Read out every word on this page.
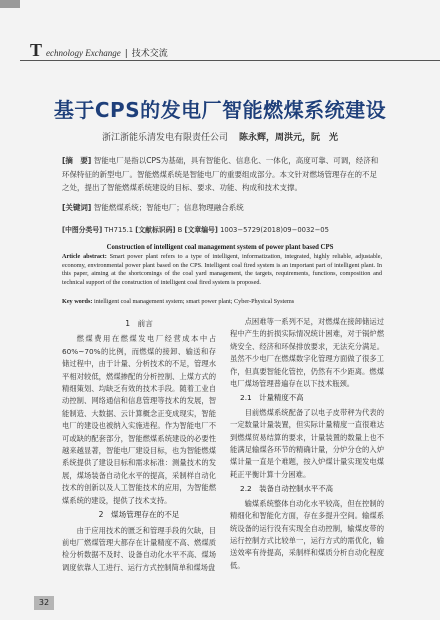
T echnology Exchange | 技术交流
基于CPS的发电厂智能燃煤系统建设
浙江浙能乐清发电有限责任公司 陈永辉，周洪元，阮　光
[摘　要] 智能电厂是指以CPS为基础，具有智能化、信息化、一体化，高度可靠、可调，经济和环保特征的新型电厂。智能燃煤系统是智能电厂的重要组成部分。本文针对燃场管理存在的不足之处，提出了智能燃煤系统建设的目标、要求、功能、构成和技术支撑。
[关键词] 智能燃煤系统；智能电厂；信息物理融合系统
[中图分类号] TH715.1 [文献标识码] B [文章编号] 1003−5729(2018)09−0032−05
Construction of intelligent coal management system of power plant based CPS
Article abstract: Smart power plant refers to a type of intelligent, informatization, integrated, highly reliable, adjustable, economy, environmental power plant based on the CPS. Intelligent coal fired system is an important part of intelligent plant. In this paper, aiming at the shortcomings of the coal yard management, the targets, requirements, functions, composition and technical support of the construction of intelligent coal fired system is proposed.
Key words: intelligent coal management system; smart power plant; Cyber-Physical Systems
1　前言

燃煤费用在燃煤发电厂经营成本中占60%~70%的比例，而燃煤的接卸、输送和存储过程中，由于计量、分析技术的不足，管理水平相对较低，燃煤掺配的分析控制、上煤方式的精细策划、均缺乏有效的技术手段。随着工业自动控制、网络通信和信息管理等技术的发展，智能制造、大数据、云计算概念正变成现实，智能电厂的建设也被纳入实施进程。作为智能电厂不可或缺的配套部分，智能燃煤系统建设的必要性越来越显著，智能电厂建设目标，也为智能燃煤系统提供了建设目标和需求标准：测量技术的发展，煤场装备自动化水平的提高，采制样自动化技术的创新以及人工智能技术的应用，为智能燃煤系统的建设，提供了技术支持。

2　煤场管理存在的不足

由于应用技术的匮乏和管理手段的欠缺，目前电厂燃煤管理大都存在计量精度不高、燃煤质检分析数据不及时、设备自动化水平不高、煤场调度依靠人工进行、运行方式控制简单和煤场盘

点困难等一系列不足，对燃煤在接卸储运过程中产生的折损实际情况统计困难，对于锅炉燃烧安全、经济和环保排放要求，无法充分满足。虽然不少电厂在燃煤数字化管理方面做了很多工作，但真要智能化管控，仍然有不少距离。燃煤电厂煤场管理普遍存在以下技术瓶颈。

2.1　计量精度不高

目前燃煤系统配备了以电子皮带秤为代表的一定数量计量装置，但实际计量精度一直很难达到燃煤贸易结算的要求，计量装置的数量上也不能满足输煤各环节的精确计量，分炉分仓的入炉煤计量一直是个难题，按入炉煤计量实现发电煤耗正平衡计算十分困难。

2.2　装备自动控制水平不高

输煤系统整体自动化水平较高，但在控制的精细化和智能化方面，存在多提升空间。输煤系统设备的运行没有实现全自动控制，输煤皮带的运行控制方式比较单一，运行方式的需优化，输送效率有待提高，采制样和煤质分析自动化程度低。

32
